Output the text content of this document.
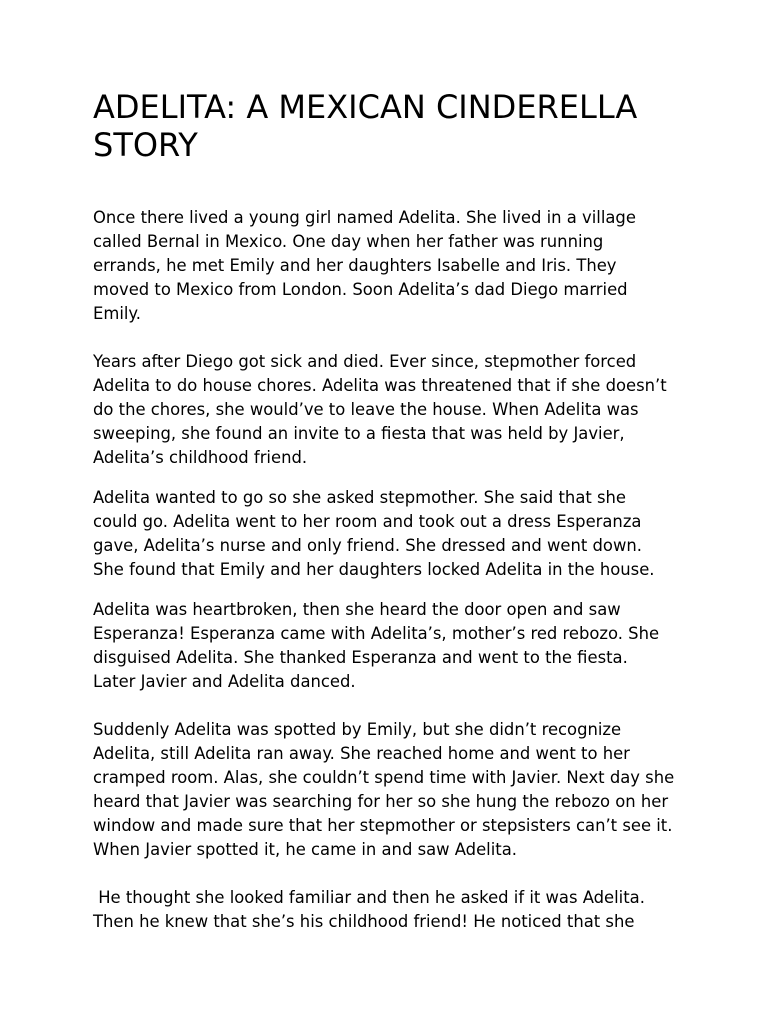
ADELITA: A MEXICAN CINDERELLA STORY

Once there lived a young girl named Adelita. She lived in a village called Bernal in Mexico. One day when her father was running errands, he met Emily and her daughters Isabelle and Iris. They moved to Mexico from London. Soon Adelita’s dad Diego married Emily.

Years after Diego got sick and died. Ever since, stepmother forced Adelita to do house chores. Adelita was threatened that if she doesn’t do the chores, she would’ve to leave the house. When Adelita was sweeping, she found an invite to a fiesta that was held by Javier, Adelita’s childhood friend.

Adelita wanted to go so she asked stepmother. She said that she could go. Adelita went to her room and took out a dress Esperanza gave, Adelita’s nurse and only friend. She dressed and went down. She found that Emily and her daughters locked Adelita in the house.

Adelita was heartbroken, then she heard the door open and saw Esperanza! Esperanza came with Adelita’s, mother’s red rebozo. She disguised Adelita. She thanked Esperanza and went to the fiesta. Later Javier and Adelita danced.

Suddenly Adelita was spotted by Emily, but she didn’t recognize Adelita, still Adelita ran away. She reached home and went to her cramped room. Alas, she couldn’t spend time with Javier. Next day she heard that Javier was searching for her so she hung the rebozo on her window and made sure that her stepmother or stepsisters can’t see it. When Javier spotted it, he came in and saw Adelita.

He thought she looked familiar and then he asked if it was Adelita. Then he knew that she’s his childhood friend! He noticed that she
